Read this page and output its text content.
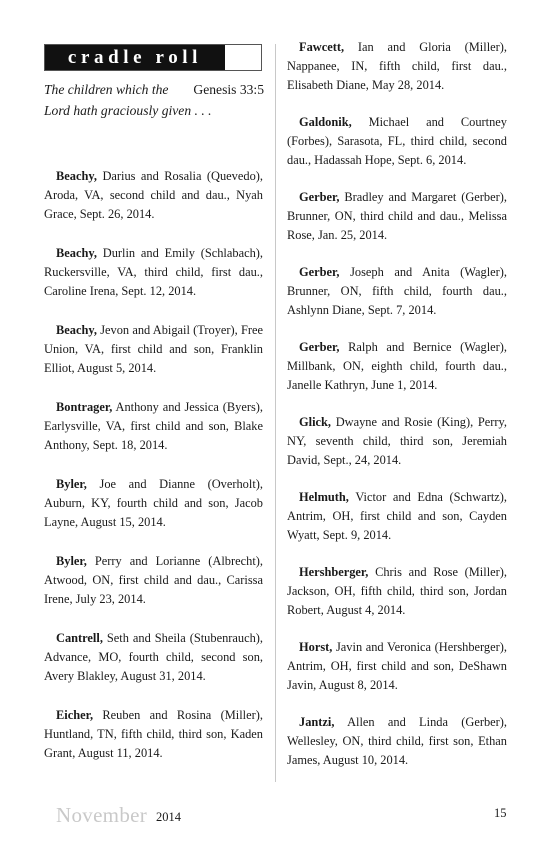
cradle roll
Genesis 33:5
The children which the Lord hath graciously given . . .

Beachy, Darius and Rosalia (Quevedo), Aroda, VA, second child and dau., Nyah Grace, Sept. 26, 2014.

Beachy, Durlin and Emily (Schlabach), Ruckersville, VA, third child, first dau., Caroline Irena, Sept. 12, 2014.

Beachy, Jevon and Abigail (Troyer), Free Union, VA, first child and son, Franklin Elliot, August 5, 2014.

Bontrager, Anthony and Jessica (Byers), Earlysville, VA, first child and son, Blake Anthony, Sept. 18, 2014.

Byler, Joe and Dianne (Overholt), Auburn, KY, fourth child and son, Jacob Layne, August 15, 2014.

Byler, Perry and Lorianne (Albrecht), Atwood, ON, first child and dau., Carissa Irene, July 23, 2014.

Cantrell, Seth and Sheila (Stubenrauch), Advance, MO, fourth child, second son, Avery Blakley, August 31, 2014.

Eicher, Reuben and Rosina (Miller), Huntland, TN, fifth child, third son, Kaden Grant, August 11, 2014.

Fawcett, Ian and Gloria (Miller), Nappanee, IN, fifth child, first dau., Elisabeth Diane, May 28, 2014.

Galdonik, Michael and Courtney (Forbes), Sarasota, FL, third child, second dau., Hadassah Hope, Sept. 6, 2014.

Gerber, Bradley and Margaret (Gerber), Brunner, ON, third child and dau., Melissa Rose, Jan. 25, 2014.

Gerber, Joseph and Anita (Wagler), Brunner, ON, fifth child, fourth dau., Ashlynn Diane, Sept. 7, 2014.

Gerber, Ralph and Bernice (Wagler), Millbank, ON, eighth child, fourth dau., Janelle Kathryn, June 1, 2014.

Glick, Dwayne and Rosie (King), Perry, NY, seventh child, third son, Jeremiah David, Sept., 24, 2014.

Helmuth, Victor and Edna (Schwartz), Antrim, OH, first child and son, Cayden Wyatt, Sept. 9, 2014.

Hershberger, Chris and Rose (Miller), Jackson, OH, fifth child, third son, Jordan Robert, August 4, 2014.

Horst, Javin and Veronica (Hershberger), Antrim, OH, first child and son, DeShawn Javin, August 8, 2014.

Jantzi, Allen and Linda (Gerber), Wellesley, ON, third child, first son, Ethan James, August 10, 2014.

November 2014	15
